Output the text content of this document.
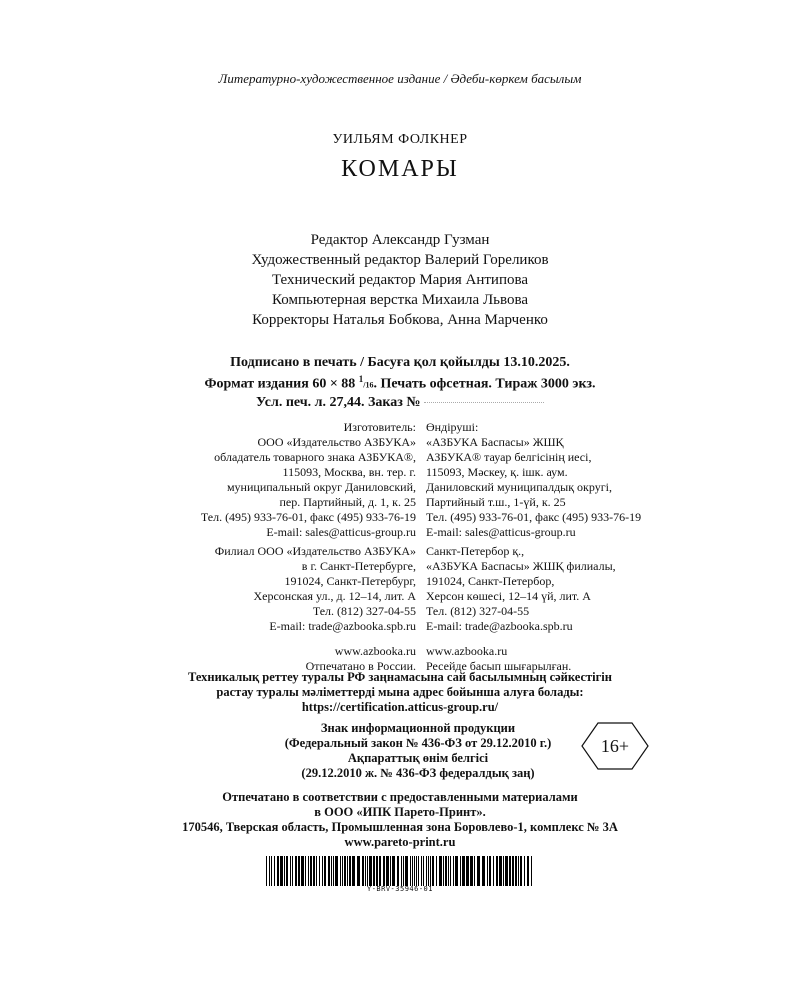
Литературно-художественное издание / Әдеби-көркем басылым
УИЛЬЯМ ФОЛКНЕР
КОМАРЫ
Редактор Александр Гузман
Художественный редактор Валерий Гореликов
Технический редактор Мария Антипова
Компьютерная верстка Михаила Львова
Корректоры Наталья Бобкова, Анна Марченко
Подписано в печать / Басуға қол қойылды 13.10.2025.
Формат издания 60 × 88 $^1$/16. Печать офсетная. Тираж 3000 экз.
Усл. печ. л. 27,44. Заказ №
Изготовитель:
ООО «Издательство АЗБУКА»
обладатель товарного знака АЗБУКА®,
115093, Москва, вн. тер. г.
муниципальный округ Даниловский,
пер. Партийный, д. 1, к. 25
Тел. (495) 933-76-01, факс (495) 933-76-19
E-mail: sales@atticus-group.ru
Филиал ООО «Издательство АЗБУКА»
в г. Санкт-Петербурге,
191024, Санкт-Петербург,
Херсонская ул., д. 12–14, лит. А
Тел. (812) 327-04-55
E-mail: trade@azbooka.spb.ru
www.azbooka.ru
Отпечатано в России.
Өндіруші:
«АЗБУКА Баспасы» ЖШҚ
АЗБУКА® тауар белгісінің иесі,
115093, Мәскеу, қ. ішк. аум.
Даниловский муниципалдық округі,
Партийный т.ш., 1-үй, к. 25
Тел. (495) 933-76-01, факс (495) 933-76-19
E-mail: sales@atticus-group.ru
Санкт-Петербор қ.,
«АЗБУКА Баспасы» ЖШҚ филиалы,
191024, Санкт-Петербор,
Херсон көшесі, 12–14 үй, лит. А
Тел. (812) 327-04-55
E-mail: trade@azbooka.spb.ru
www.azbooka.ru
Ресейде басып шығарылған.
Техникалық реттеу туралы РФ заңнамасына сай басылымның сәйкестігін
растау туралы мәліметтерді мына адрес бойынша алуға болады:
https://certification.atticus-group.ru/
Знак информационной продукции
(Федеральный закон № 436-ФЗ от 29.12.2010 г.)
Ақпараттық өнім белгісі
(29.12.2010 ж. № 436-ФЗ федералдық заң)
16+
Отпечатано в соответствии с предоставленными материалами
в ООО «ИПК Парето-Принт».
170546, Тверская область, Промышленная зона Боровлево-1, комплекс № 3А
www.pareto-print.ru
Y-BRV-35946-01
